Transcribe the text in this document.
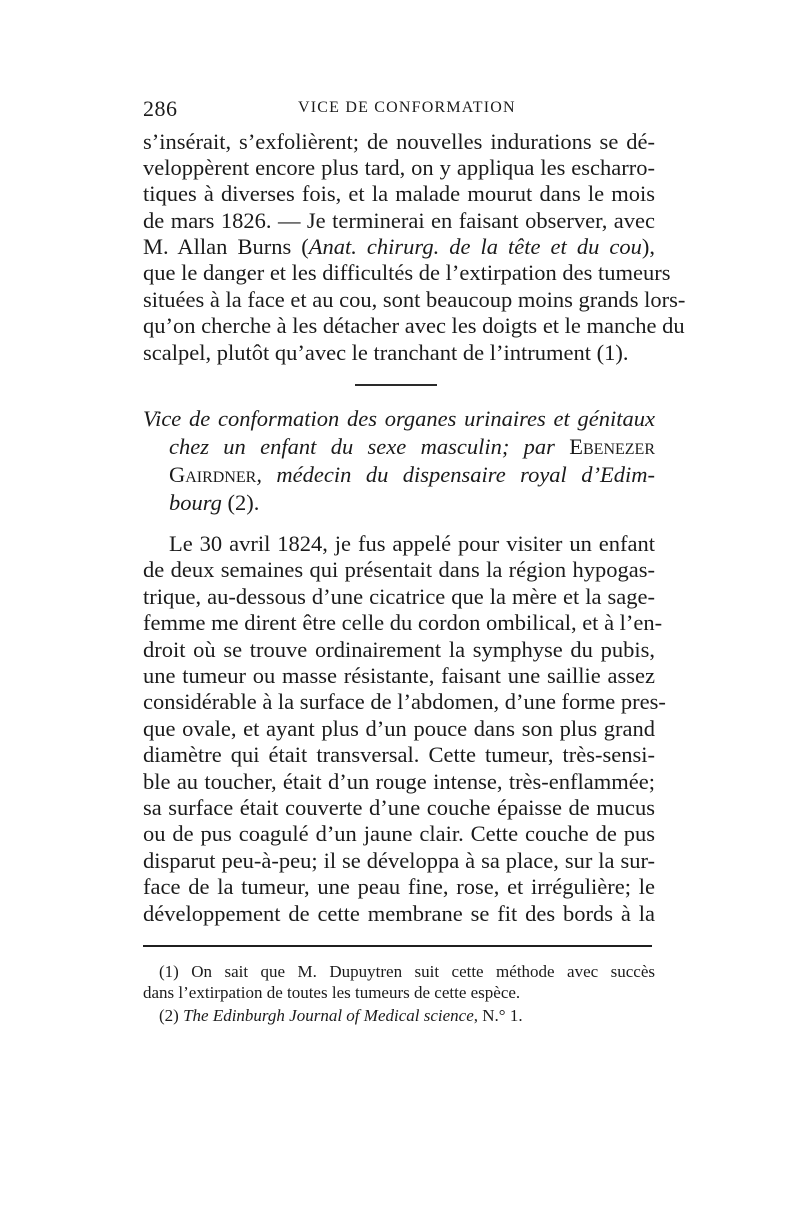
286	VICE DE CONFORMATION
s’insérait, s’exfolièrent; de nouvelles indurations se dé-
veloppèrent encore plus tard, on y appliqua les escharro-
tiques à diverses fois, et la malade mourut dans le mois
de mars 1826. — Je terminerai en faisant observer, avec
M. Allan Burns (Anat. chirurg. de la tête et du cou),
que le danger et les difficultés de l’extirpation des tumeurs
situées à la face et au cou, sont beaucoup moins grands lors-
qu’on cherche à les détacher avec les doigts et le manche du
scalpel, plutôt qu’avec le tranchant de l’intrument (1).
Vice de conformation des organes urinaires et génitaux
chez un enfant du sexe masculin; par Ebenezer
Gairdner, médecin du dispensaire royal d’Edim-
bourg (2).
Le 30 avril 1824, je fus appelé pour visiter un enfant
de deux semaines qui présentait dans la région hypogas-
trique, au-dessous d’une cicatrice que la mère et la sage-
femme me dirent être celle du cordon ombilical, et à l’en-
droit où se trouve ordinairement la symphyse du pubis,
une tumeur ou masse résistante, faisant une saillie assez
considérable à la surface de l’abdomen, d’une forme pres-
que ovale, et ayant plus d’un pouce dans son plus grand
diamètre qui était transversal. Cette tumeur, très-sensi-
ble au toucher, était d’un rouge intense, très-enflammée;
sa surface était couverte d’une couche épaisse de mucus
ou de pus coagulé d’un jaune clair. Cette couche de pus
disparut peu-à-peu; il se développa à sa place, sur la sur-
face de la tumeur, une peau fine, rose, et irrégulière; le
développement de cette membrane se fit des bords à la
(1) On sait que M. Dupuytren suit cette méthode avec succès
dans l’extirpation de toutes les tumeurs de cette espèce.
(2) The Edinburgh Journal of Medical science, N.° 1.
